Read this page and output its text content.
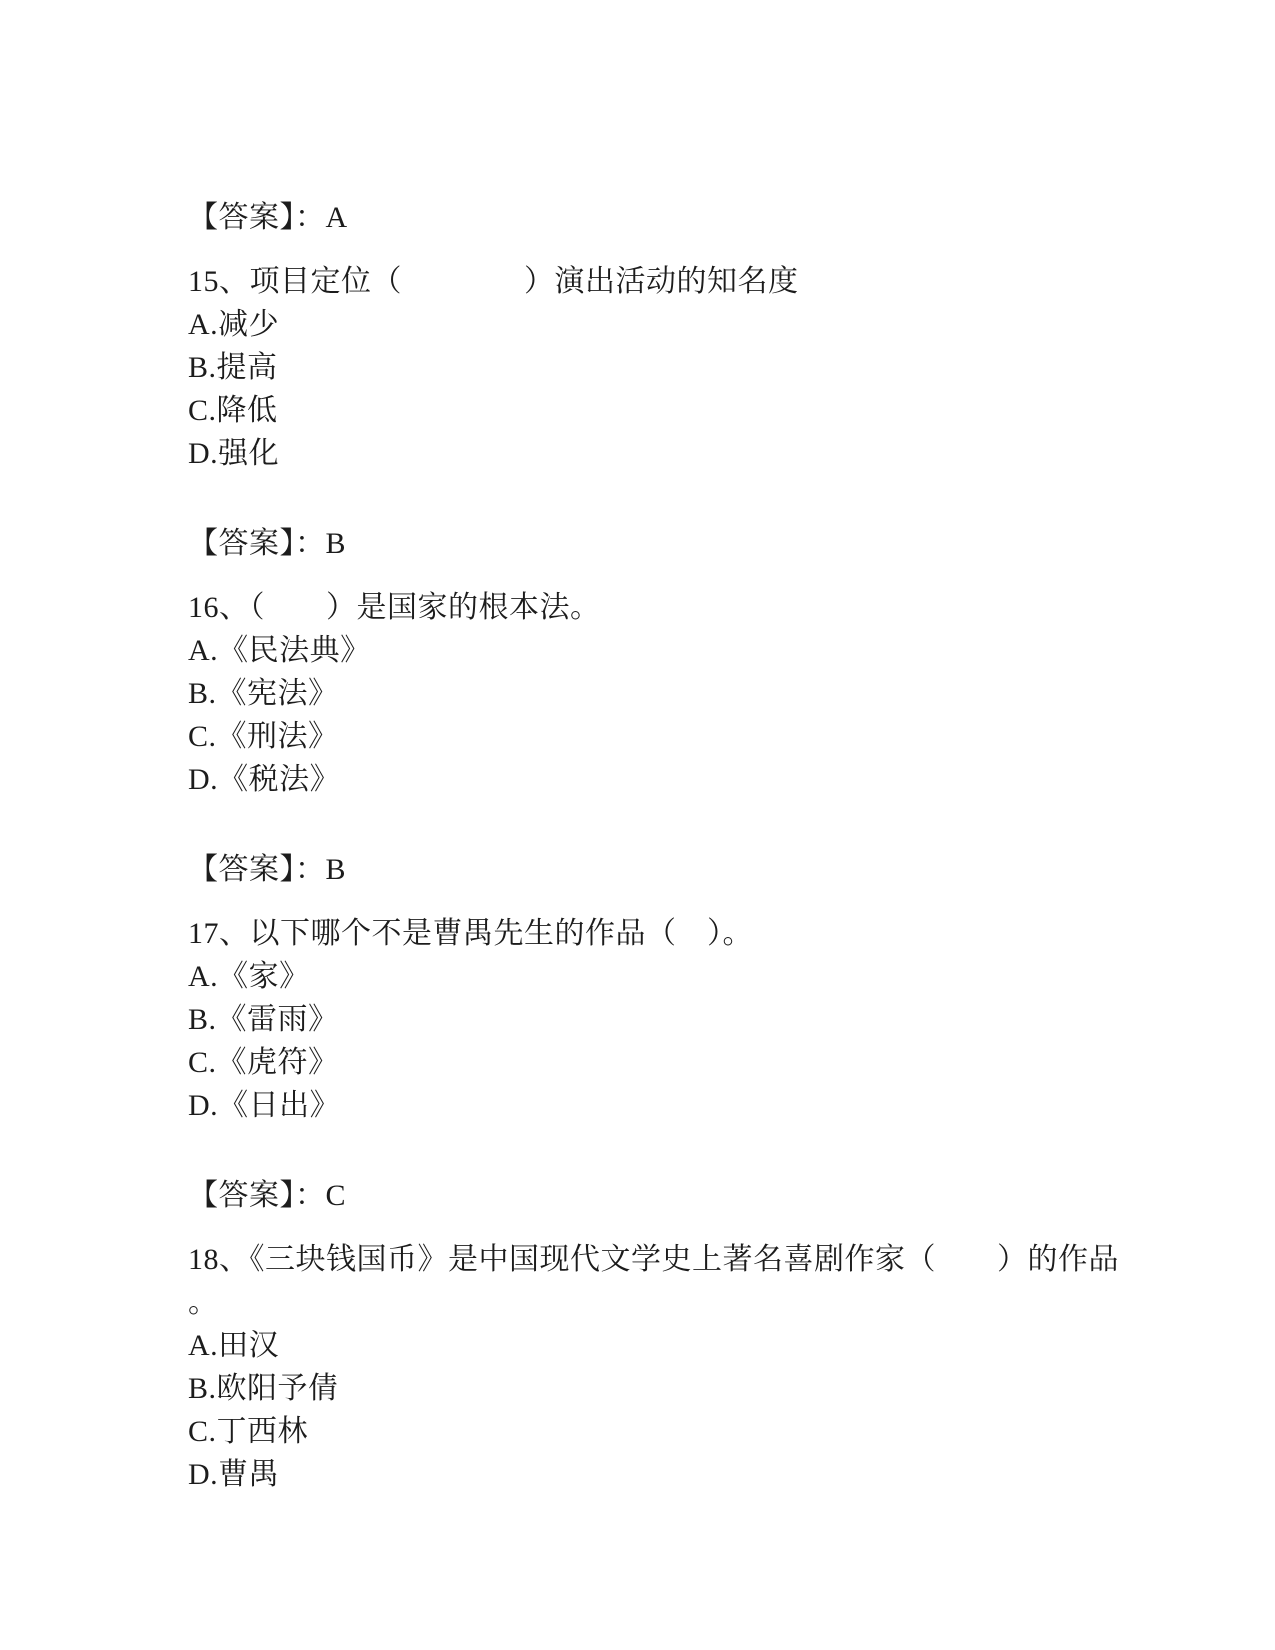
【答案】：A

15、项目定位（　　　　）演出活动的知名度

A.减少

B.提高

C.降低

D.强化

【答案】：B

16、（　　）是国家的根本法。

A.《民法典》

B.《宪法》

C.《刑法》

D.《税法》

【答案】：B

17、以下哪个不是曹禺先生的作品（　）。

A.《家》

B.《雷雨》

C.《虎符》

D.《日出》

【答案】：C

18、《三块钱国币》是中国现代文学史上著名喜剧作家（　　）的作品

。

A.田汉

B.欧阳予倩

C.丁西林

D.曹禺
